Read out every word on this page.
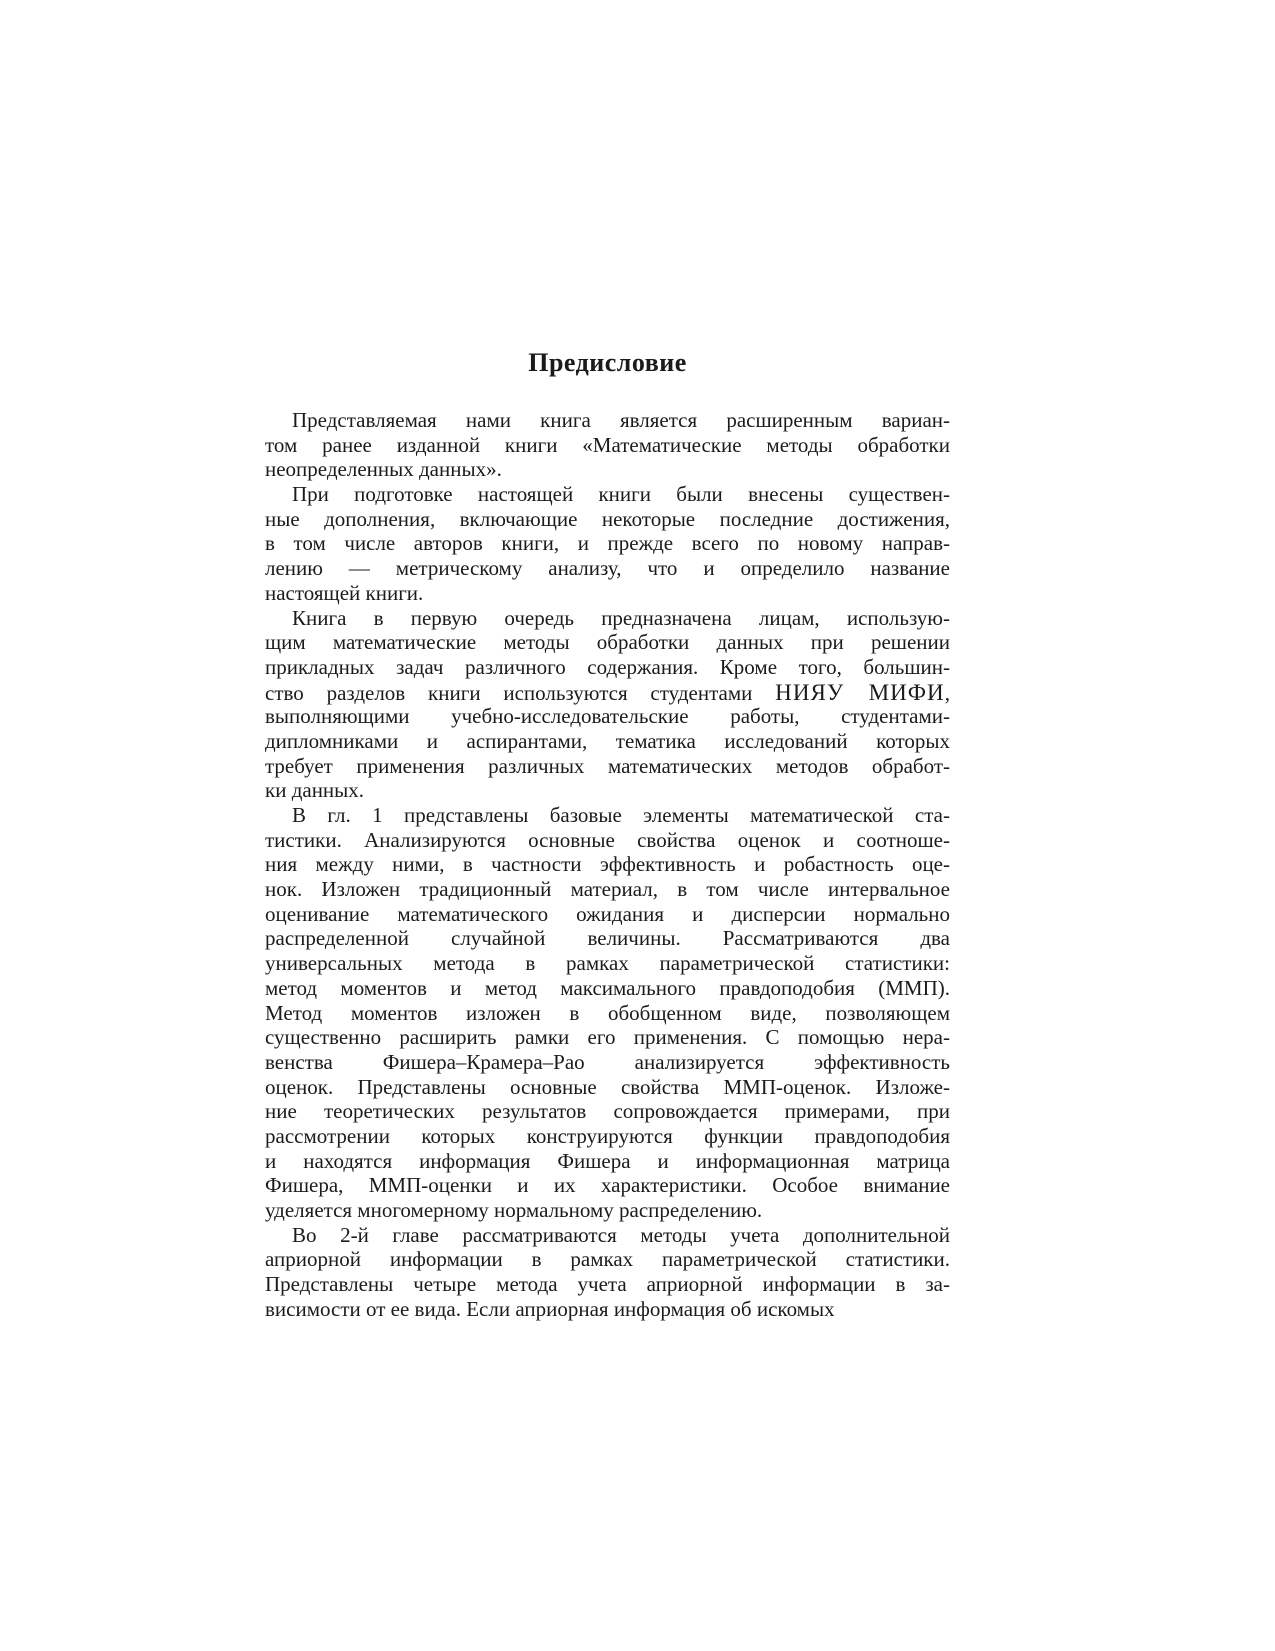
Предисловие
Представляемая нами книга является расширенным вариан-
том ранее изданной книги «Математические методы обработки
неопределенных данных».
При подготовке настоящей книги были внесены существен-
ные дополнения, включающие некоторые последние достижения,
в том числе авторов книги, и прежде всего по новому направ-
лению — метрическому анализу, что и определило название
настоящей книги.
Книга в первую очередь предназначена лицам, использую-
щим математические методы обработки данных при решении
прикладных задач различного содержания. Кроме того, большин-
ство разделов книги используются студентами НИЯУ МИФИ,
выполняющими учебно-исследовательские работы, студентами-
дипломниками и аспирантами, тематика исследований которых
требует применения различных математических методов обработ-
ки данных.
В гл. 1 представлены базовые элементы математической ста-
тистики. Анализируются основные свойства оценок и соотноше-
ния между ними, в частности эффективность и робастность оце-
нок. Изложен традиционный материал, в том числе интервальное
оценивание математического ожидания и дисперсии нормально
распределенной случайной величины. Рассматриваются два
универсальных метода в рамках параметрической статистики:
метод моментов и метод максимального правдоподобия (ММП).
Метод моментов изложен в обобщенном виде, позволяющем
существенно расширить рамки его применения. С помощью нера-
венства Фишера–Крамера–Рао анализируется эффективность
оценок. Представлены основные свойства ММП-оценок. Изложе-
ние теоретических результатов сопровождается примерами, при
рассмотрении которых конструируются функции правдоподобия
и находятся информация Фишера и информационная матрица
Фишера, ММП-оценки и их характеристики. Особое внимание
уделяется многомерному нормальному распределению.
Во 2-й главе рассматриваются методы учета дополнительной
априорной информации в рамках параметрической статистики.
Представлены четыре метода учета априорной информации в за-
висимости от ее вида. Если априорная информация об искомых
